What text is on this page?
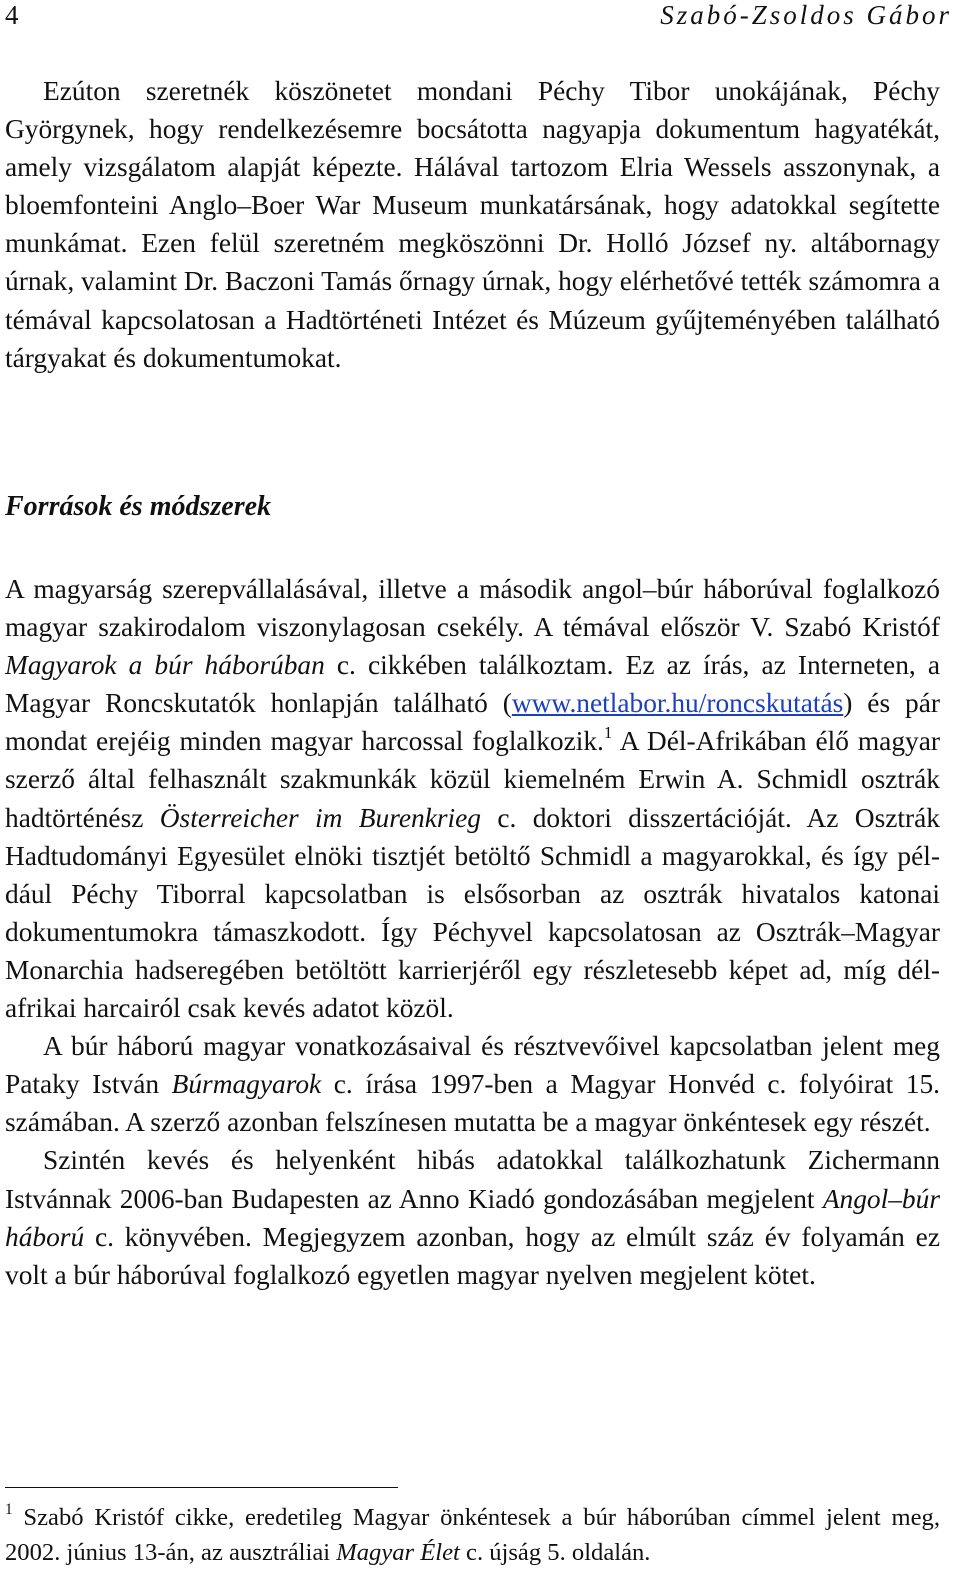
4	Szabó-Zsoldos Gábor

Ezúton szeretnék köszönetet mondani Péchy Tibor unokájának, Péchy Györgynek, hogy rendelkezésemre bocsátotta nagyapja dokumentum hagyatékát, amely vizsgálatom alapját képezte. Hálával tartozom Elria Wessels asszonynak, a bloemfonteini Anglo–Boer War Museum munkatársának, hogy adatokkal segítette munkámat. Ezen felül szeretném megköszönni Dr. Holló József ny. altábornagy úrnak, valamint Dr. Baczoni Tamás őrnagy úrnak, hogy elérhetővé tették számomra a témával kapcsolatosan a Hadtörténeti Intézet és Múzeum gyűjteményében található tárgyakat és dokumentumokat.

Források és módszerek

A magyarság szerepvállalásával, illetve a második angol–búr háborúval foglalkozó magyar szakirodalom viszonylagosan csekély. A témával először V. Szabó Kristóf Magyarok a búr háborúban c. cikkében találkoztam. Ez az írás, az Interneten, a Magyar Roncskutatók honlapján található (www.netlabor.hu/roncskutatás) és pár mondat erejéig minden magyar harcossal foglalkozik.$^1$ A Dél-Afrikában élő magyar szerző által felhasznált szakmunkák közül kiemelném Erwin A. Schmidl osztrák hadtörténész Österreicher im Burenkrieg c. doktori disszertációját. Az Osztrák Hadtudományi Egyesület elnöki tisztjét betöltő Schmidl a magyarokkal, és így például Péchy Tiborral kapcsolatban is elsősorban az osztrák hivatalos katonai dokumentumokra támaszkodott. Így Péchyvel kapcsolatosan az Osztrák–Magyar Monarchia hadseregében betöltött karrierjéről egy részletesebb képet ad, míg dél-afrikai harcairól csak kevés adatot közöl.

A búr háború magyar vonatkozásaival és résztvevőivel kapcsolatban jelent meg Pataky István Búrmagyarok c. írása 1997-ben a Magyar Honvéd c. folyóirat 15. számában. A szerző azonban felszínesen mutatta be a magyar önkéntesek egy részét.

Szintén kevés és helyenként hibás adatokkal találkozhatunk Zichermann Istvánnak 2006-ban Budapesten az Anno Kiadó gondozásában megjelent Angol–búr háború c. könyvében. Megjegyzem azonban, hogy az elmúlt száz év folyamán ez volt a búr háborúval foglalkozó egyetlen magyar nyelven megjelent kötet.

$^1$ Szabó Kristóf cikke, eredetileg Magyar önkéntesek a búr háborúban címmel jelent meg, 2002. június 13-án, az ausztráliai Magyar Élet c. újság 5. oldalán.
